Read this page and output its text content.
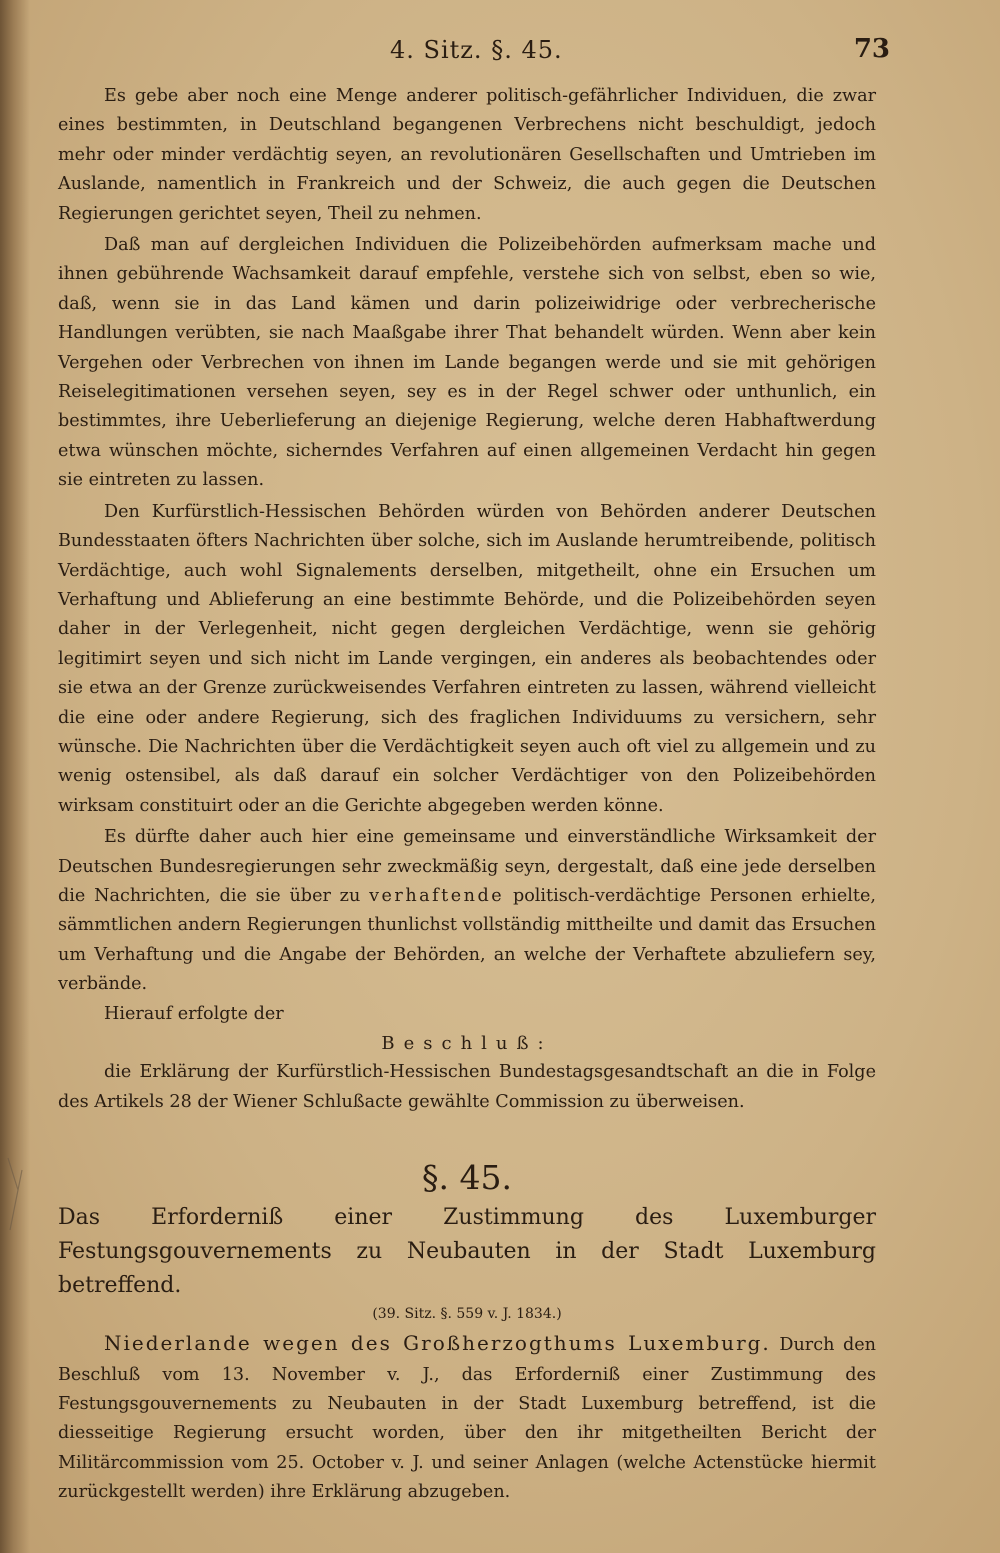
4. Sitz. §. 45.	73

Es gebe aber noch eine Menge anderer politisch-gefährlicher Individuen, die zwar eines bestimmten, in Deutschland begangenen Verbrechens nicht beschuldigt, jedoch mehr oder minder verdächtig seyen, an revolutionären Gesellschaften und Umtrieben im Auslande, namentlich in Frankreich und der Schweiz, die auch gegen die Deutschen Regierungen gerichtet seyen, Theil zu nehmen.

Daß man auf dergleichen Individuen die Polizeibehörden aufmerksam mache und ihnen gebührende Wachsamkeit darauf empfehle, verstehe sich von selbst, eben so wie, daß, wenn sie in das Land kämen und darin polizeiwidrige oder verbrecherische Handlungen verübten, sie nach Maaßgabe ihrer That behandelt würden. Wenn aber kein Vergehen oder Verbrechen von ihnen im Lande begangen werde und sie mit gehörigen Reiselegitimationen versehen seyen, sey es in der Regel schwer oder unthunlich, ein bestimmtes, ihre Ueberlieferung an diejenige Regierung, welche deren Habhaftwerdung etwa wünschen möchte, sicherndes Verfahren auf einen allgemeinen Verdacht hin gegen sie eintreten zu lassen.

Den Kurfürstlich-Hessischen Behörden würden von Behörden anderer Deutschen Bundesstaaten öfters Nachrichten über solche, sich im Auslande herumtreibende, politisch Verdächtige, auch wohl Signalements derselben, mitgetheilt, ohne ein Ersuchen um Verhaftung und Ablieferung an eine bestimmte Behörde, und die Polizeibehörden seyen daher in der Verlegenheit, nicht gegen dergleichen Verdächtige, wenn sie gehörig legitimirt seyen und sich nicht im Lande vergingen, ein anderes als beobachtendes oder sie etwa an der Grenze zurückweisendes Verfahren eintreten zu lassen, während vielleicht die eine oder andere Regierung, sich des fraglichen Individuums zu versichern, sehr wünsche. Die Nachrichten über die Verdächtigkeit seyen auch oft viel zu allgemein und zu wenig ostensibel, als daß darauf ein solcher Verdächtiger von den Polizeibehörden wirksam constituirt oder an die Gerichte abgegeben werden könne.

Es dürfte daher auch hier eine gemeinsame und einverständliche Wirksamkeit der Deutschen Bundesregierungen sehr zweckmäßig seyn, dergestalt, daß eine jede derselben die Nachrichten, die sie über zu verhaftende politisch-verdächtige Personen erhielte, sämmtlichen andern Regierungen thunlichst vollständig mittheilte und damit das Ersuchen um Verhaftung und die Angabe der Behörden, an welche der Verhaftete abzuliefern sey, verbände.

Hierauf erfolgte der

Beschluß:

die Erklärung der Kurfürstlich-Hessischen Bundestagsgesandtschaft an die in Folge des Artikels 28 der Wiener Schlußacte gewählte Commission zu überweisen.

§. 45.

Das Erforderniß einer Zustimmung des Luxemburger Festungsgouvernements zu Neubauten in der Stadt Luxemburg betreffend.

(39. Sitz. §. 559 v. J. 1834.)

Niederlande wegen des Großherzogthums Luxemburg. Durch den Beschluß vom 13. November v. J., das Erforderniß einer Zustimmung des Festungsgouvernements zu Neubauten in der Stadt Luxemburg betreffend, ist die diesseitige Regierung ersucht worden, über den ihr mitgetheilten Bericht der Militärcommission vom 25. October v. J. und seiner Anlagen (welche Actenstücke hiermit zurückgestellt werden) ihre Erklärung abzugeben.
